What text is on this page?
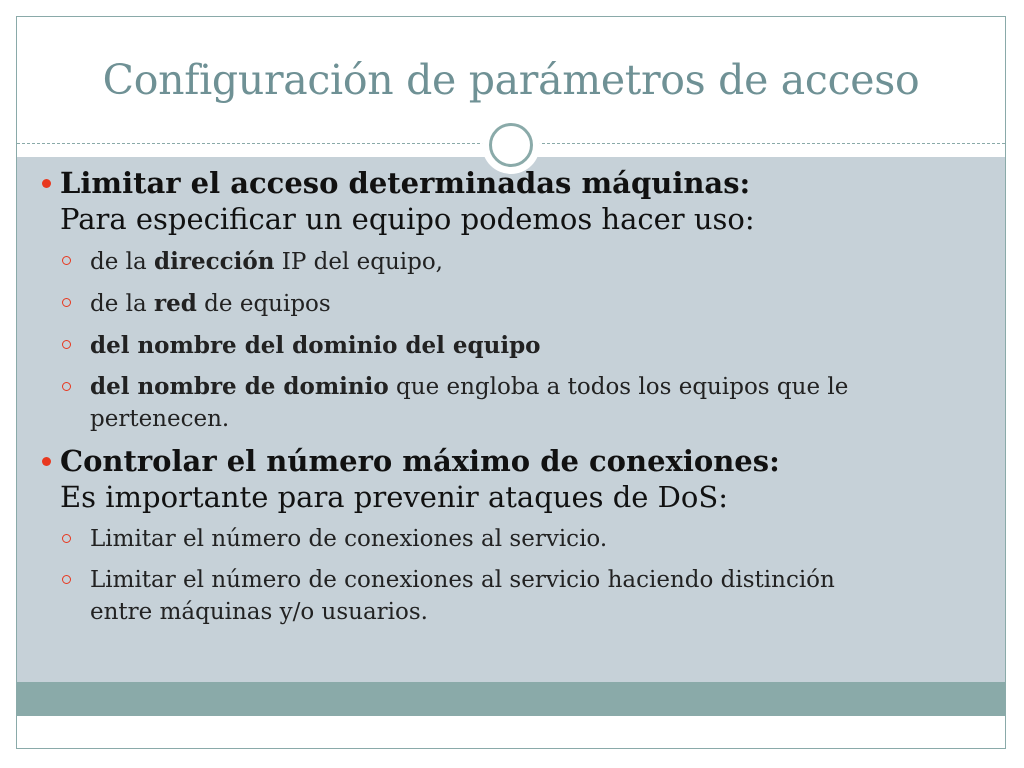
Configuración de parámetros de acceso
Limitar el acceso determinadas máquinas:
Para especificar un equipo podemos hacer uso:
de la dirección IP del equipo,
de la red de equipos
del nombre del dominio del equipo
del nombre de dominio que engloba a todos los equipos que le pertenecen.
Controlar el número máximo de conexiones:
Es importante para prevenir ataques de DoS:
Limitar el número de conexiones al servicio.
Limitar el número de conexiones al servicio haciendo distinción entre máquinas y/o usuarios.
